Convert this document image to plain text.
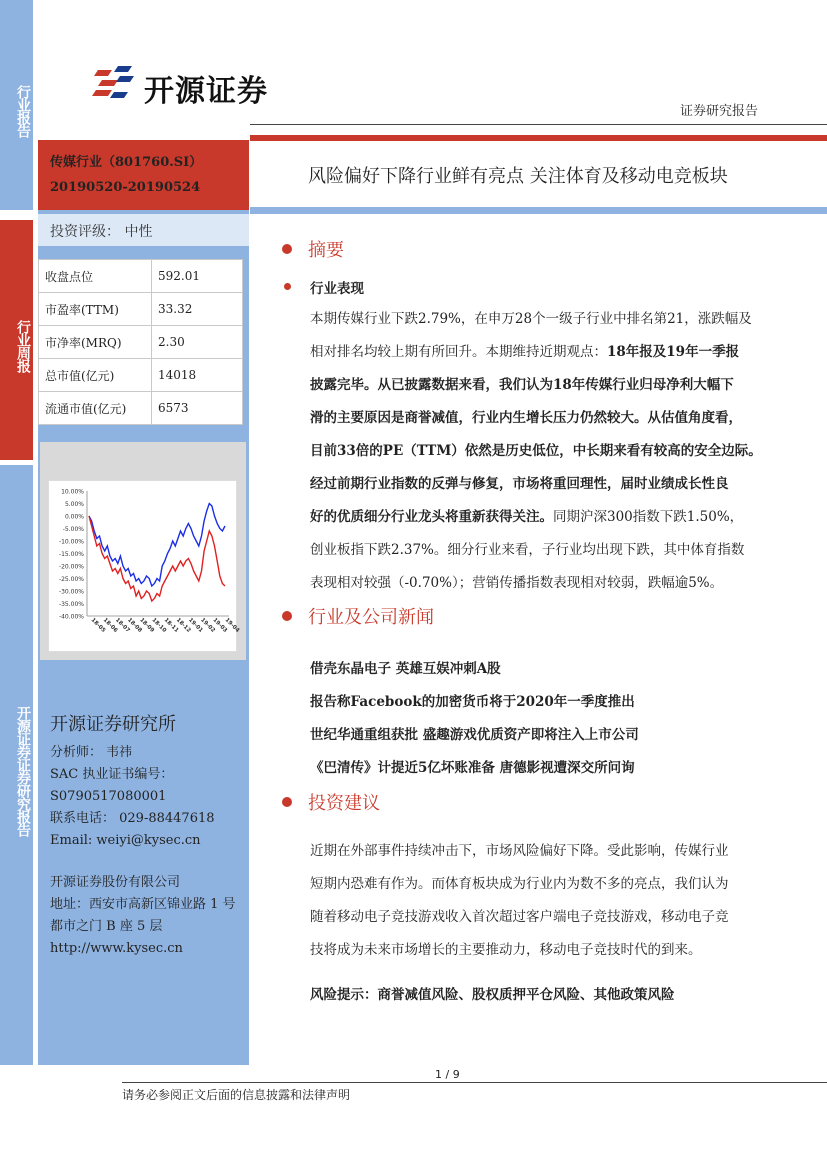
行业报告
行业周报
开源证券证券研究报告
开源证券
证券研究报告
传媒行业（801760.SI）
20190520-20190524
风险偏好下降行业鲜有亮点 关注体育及移动电竞板块
投资评级： 中性
收盘点位	592.01
市盈率(TTM)	33.32
市净率(MRQ)	2.30
总市值(亿元)	14018
流通市值(亿元)	6573
10.00%
5.00%
0.00%
-5.00%
-10.00%
-15.00%
-20.00%
-25.00%
-30.00%
-35.00%
-40.00%
18-05
18-06
18-07
18-08
18-09
18-10
18-11
18-12
19-01
19-02
19-03
19-04
开源证券研究所
分析师： 韦祎
SAC 执业证书编号：
S0790517080001
联系电话： 029-88447618
Email: weiyi@kysec.cn
开源证券股份有限公司
地址：西安市高新区锦业路 1 号
都市之门 B 座 5 层
http://www.kysec.cn
摘要
行业表现
本期传媒行业下跌2.79%，在申万28个一级子行业中排名第21，涨跌幅及
相对排名均较上期有所回升。本期维持近期观点：18年报及19年一季报
披露完毕。从已披露数据来看，我们认为18年传媒行业归母净利大幅下
滑的主要原因是商誉减值，行业内生增长压力仍然较大。从估值角度看，
目前33倍的PE（TTM）依然是历史低位，中长期来看有较高的安全边际。
经过前期行业指数的反弹与修复，市场将重回理性，届时业绩成长性良
好的优质细分行业龙头将重新获得关注。同期沪深300指数下跌1.50%，
创业板指下跌2.37%。细分行业来看，子行业均出现下跌，其中体育指数
表现相对较强（-0.70%）；营销传播指数表现相对较弱，跌幅逾5%。
行业及公司新闻
借壳东晶电子 英雄互娱冲刺A股
报告称Facebook的加密货币将于2020年一季度推出
世纪华通重组获批 盛趣游戏优质资产即将注入上市公司
《巴清传》计提近5亿坏账准备 唐德影视遭深交所问询
投资建议
近期在外部事件持续冲击下，市场风险偏好下降。受此影响，传媒行业
短期内恐难有作为。而体育板块成为行业内为数不多的亮点，我们认为
随着移动电子竞技游戏收入首次超过客户端电子竞技游戏，移动电子竞
技将成为未来市场增长的主要推动力，移动电子竞技时代的到来。
风险提示：商誉减值风险、股权质押平仓风险、其他政策风险
1 / 9
请务必参阅正文后面的信息披露和法律声明
